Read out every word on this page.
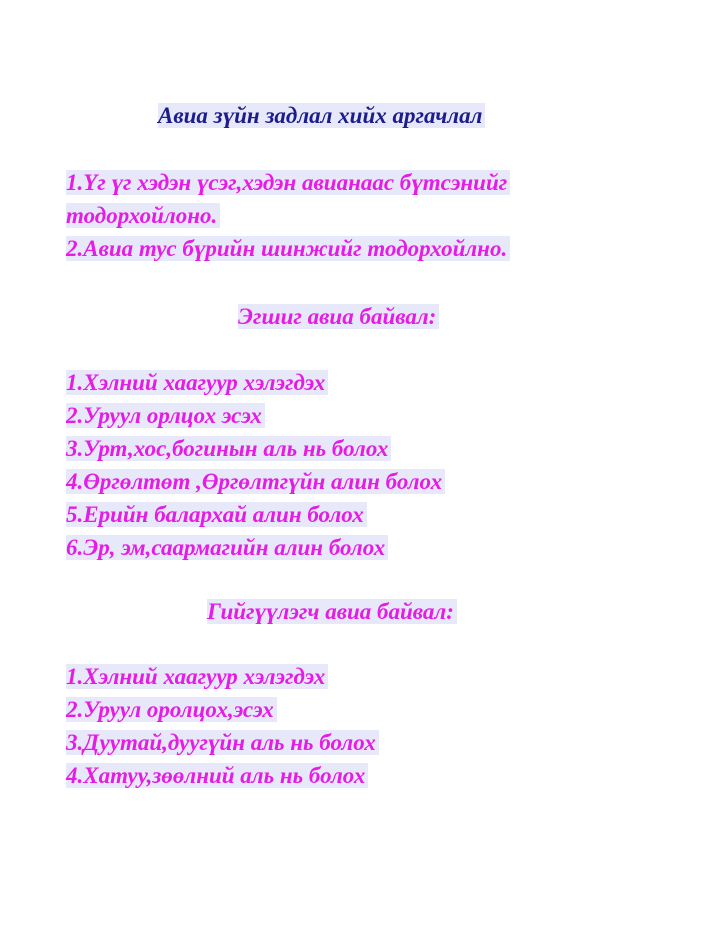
Авиа зүйн задлал хийх аргачлал
1.Үг үг хэдэн үсэг,хэдэн авианаас бүтсэнийг
тодорхойлоно.
2.Авиа тус бүрийн шинжийг тодорхойлно.
Эгшиг авиа байвал:
1.Хэлний хаагуур хэлэгдэх
2.Уруул орлцох эсэх
3.Урт,хос,богинын аль нь болох
4.Өргөлтөт ,Өргөлтгүйн алин болох
5.Ерийн балархай алин болох
6.Эр, эм,саармагийн алин болох
Гийгүүлэгч авиа байвал:
1.Хэлний хаагуур хэлэгдэх
2.Уруул оролцох,эсэх
3.Дуутай,дуугүйн аль нь болох
4.Хатуу,зөөлний аль нь болох
